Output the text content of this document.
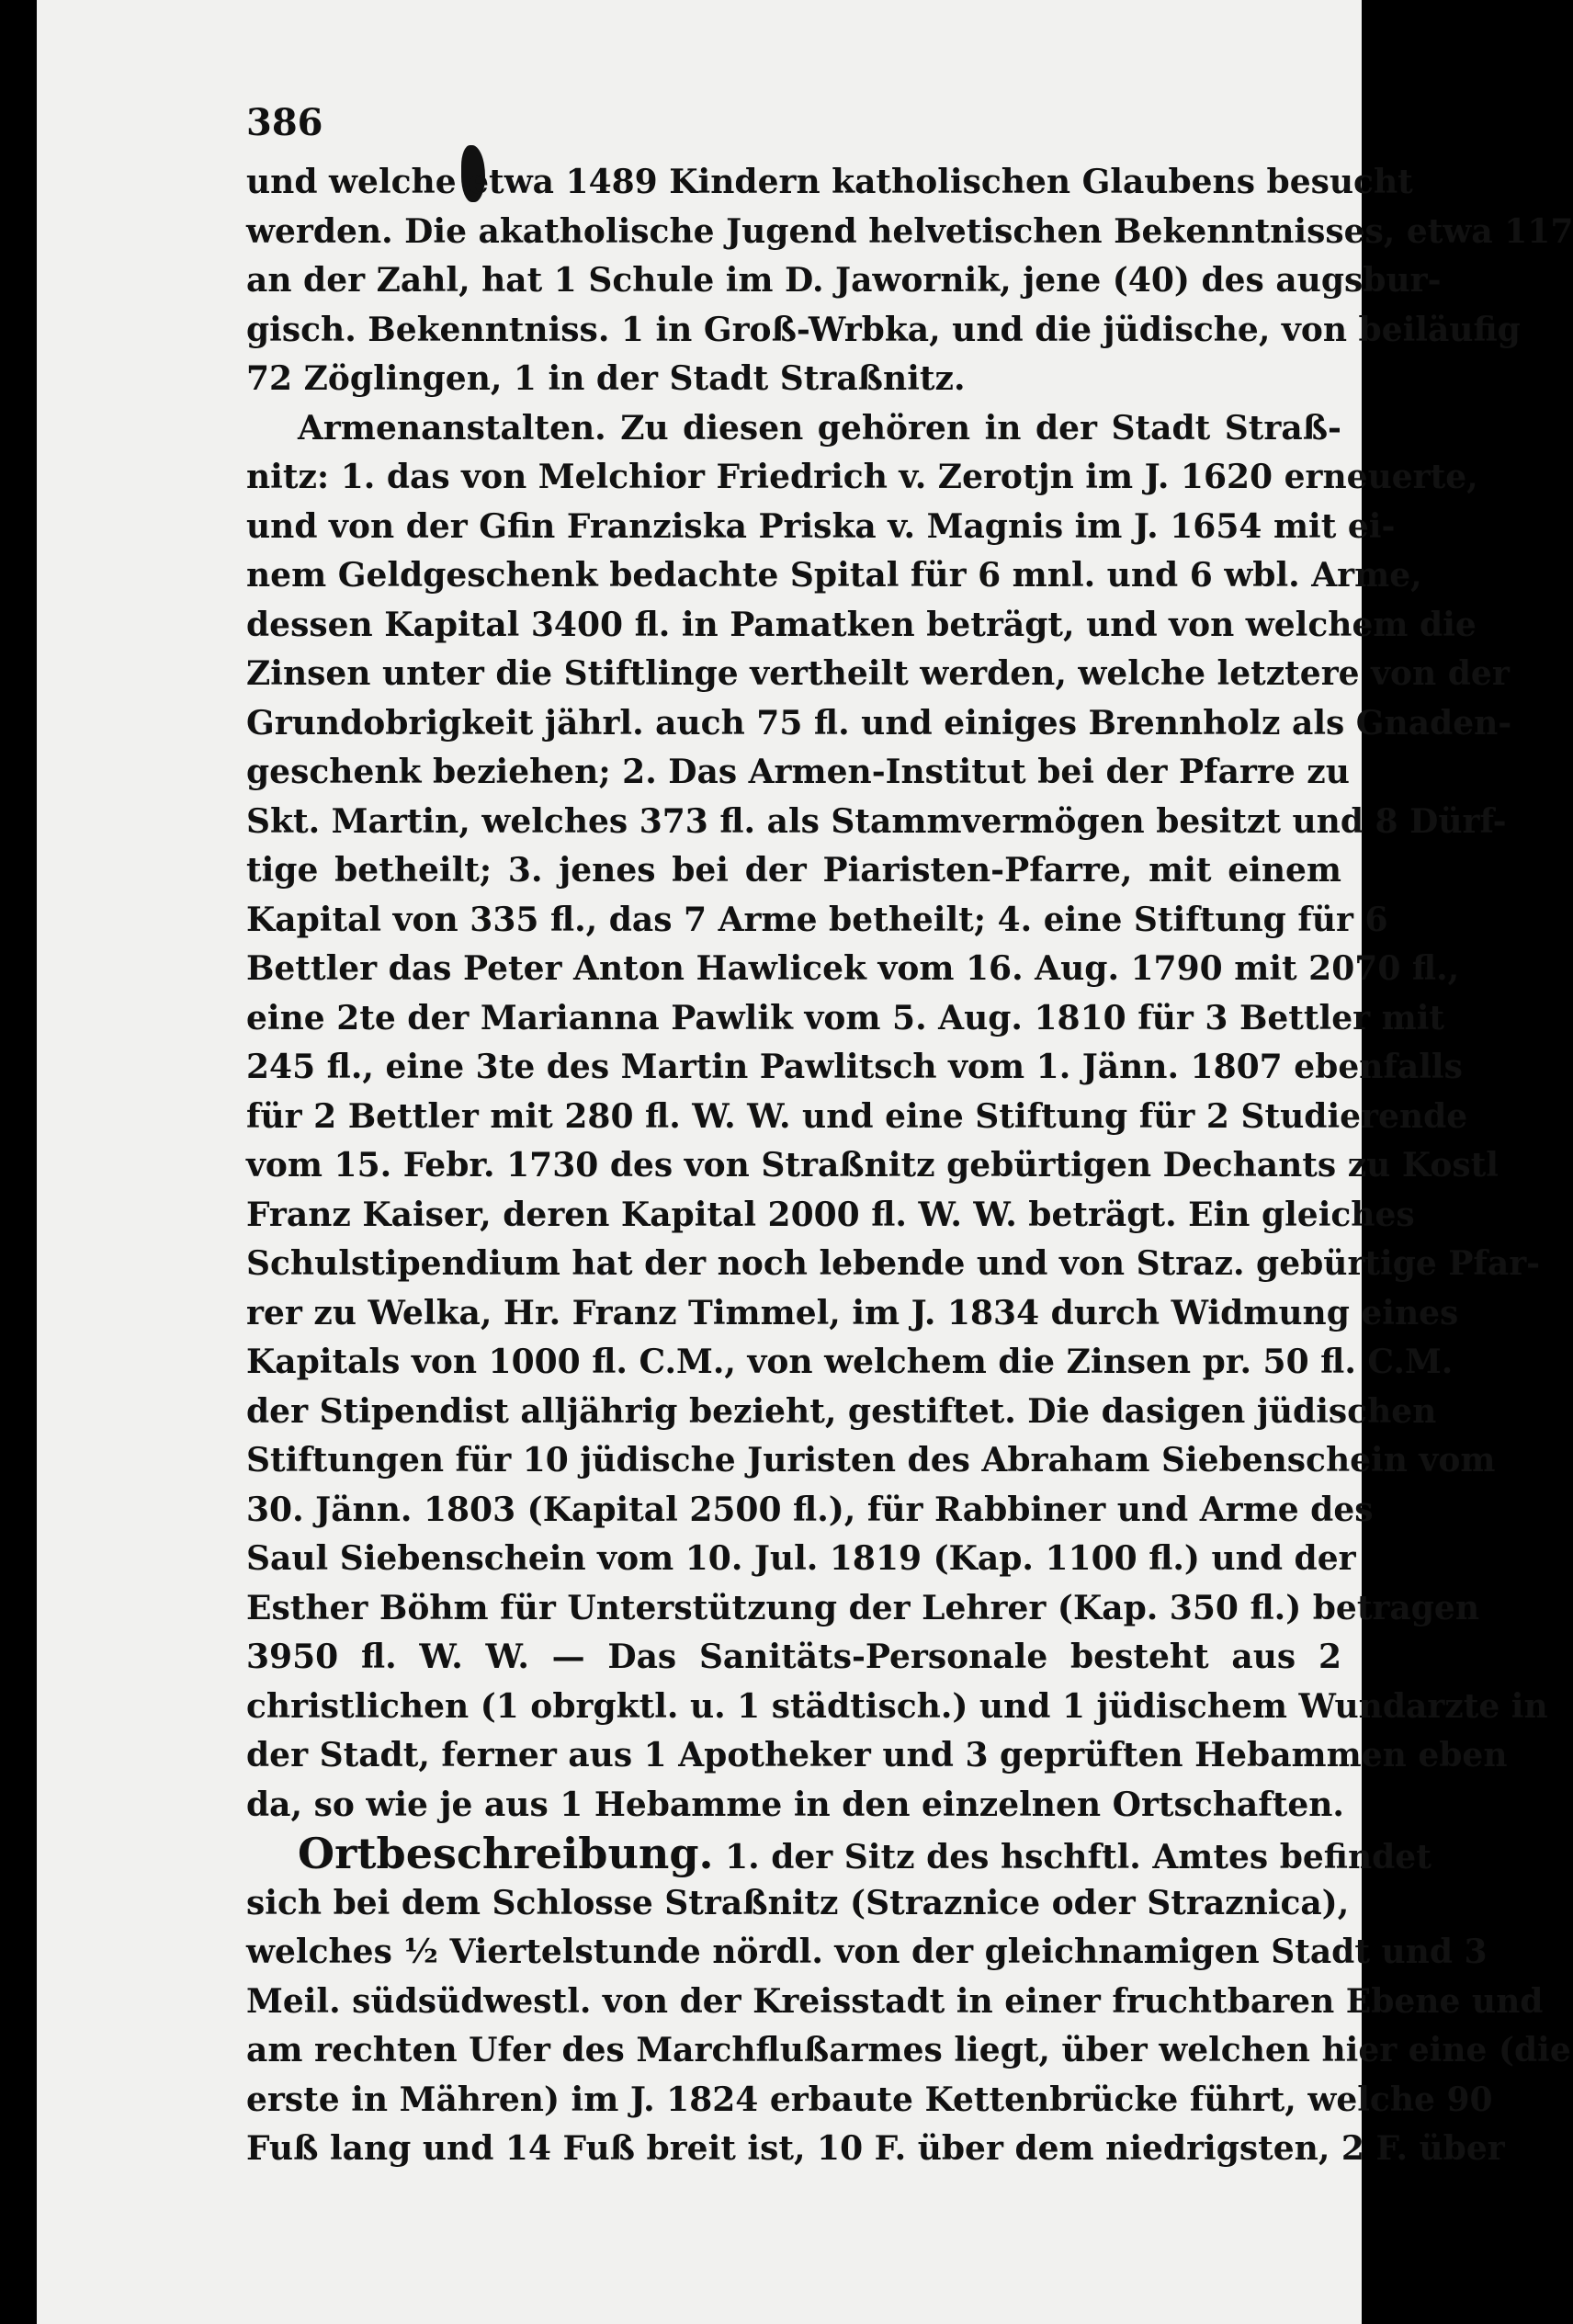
386
und welche etwa 1489 Kindern katholischen Glaubens besucht
werden. Die akatholische Jugend helvetischen Bekenntnisses, etwa 117
an der Zahl, hat 1 Schule im D. Jawornik, jene (40) des augsbur-
gisch. Bekenntniss. 1 in Groß-Wrbka, und die jüdische, von beiläufig
72 Zöglingen, 1 in der Stadt Straßnitz.
Armenanstalten. Zu diesen gehören in der Stadt Straß-
nitz: 1. das von Melchior Friedrich v. Zerotjn im J. 1620 erneuerte,
und von der Gfin Franziska Priska v. Magnis im J. 1654 mit ei-
nem Geldgeschenk bedachte Spital für 6 mnl. und 6 wbl. Arme,
dessen Kapital 3400 fl. in Pamatken beträgt, und von welchem die
Zinsen unter die Stiftlinge vertheilt werden, welche letztere von der
Grundobrigkeit jährl. auch 75 fl. und einiges Brennholz als Gnaden-
geschenk beziehen; 2. Das Armen-Institut bei der Pfarre zu
Skt. Martin, welches 373 fl. als Stammvermögen besitzt und 8 Dürf-
tige betheilt; 3. jenes bei der Piaristen-Pfarre, mit einem
Kapital von 335 fl., das 7 Arme betheilt; 4. eine Stiftung für 6
Bettler das Peter Anton Hawlicek vom 16. Aug. 1790 mit 2070 fl.,
eine 2te der Marianna Pawlik vom 5. Aug. 1810 für 3 Bettler mit
245 fl., eine 3te des Martin Pawlitsch vom 1. Jänn. 1807 ebenfalls
für 2 Bettler mit 280 fl. W. W. und eine Stiftung für 2 Studierende
vom 15. Febr. 1730 des von Straßnitz gebürtigen Dechants zu Kostl
Franz Kaiser, deren Kapital 2000 fl. W. W. beträgt. Ein gleiches
Schulstipendium hat der noch lebende und von Straz. gebürtige Pfar-
rer zu Welka, Hr. Franz Timmel, im J. 1834 durch Widmung eines
Kapitals von 1000 fl. C.M., von welchem die Zinsen pr. 50 fl. C.M.
der Stipendist alljährig bezieht, gestiftet. Die dasigen jüdischen
Stiftungen für 10 jüdische Juristen des Abraham Siebenschein vom
30. Jänn. 1803 (Kapital 2500 fl.), für Rabbiner und Arme des
Saul Siebenschein vom 10. Jul. 1819 (Kap. 1100 fl.) und der
Esther Böhm für Unterstützung der Lehrer (Kap. 350 fl.) betragen
3950 fl. W. W. — Das Sanitäts-Personale besteht aus 2
christlichen (1 obrgktl. u. 1 städtisch.) und 1 jüdischem Wundarzte in
der Stadt, ferner aus 1 Apotheker und 3 geprüften Hebammen eben
da, so wie je aus 1 Hebamme in den einzelnen Ortschaften.
Ortbeschreibung. 1. der Sitz des hschftl. Amtes befindet
sich bei dem Schlosse Straßnitz (Straznice oder Straznica),
welches ½ Viertelstunde nördl. von der gleichnamigen Stadt und 3
Meil. südsüdwestl. von der Kreisstadt in einer fruchtbaren Ebene und
am rechten Ufer des Marchflußarmes liegt, über welchen hier eine (die
erste in Mähren) im J. 1824 erbaute Kettenbrücke führt, welche 90
Fuß lang und 14 Fuß breit ist, 10 F. über dem niedrigsten, 2 F. über
